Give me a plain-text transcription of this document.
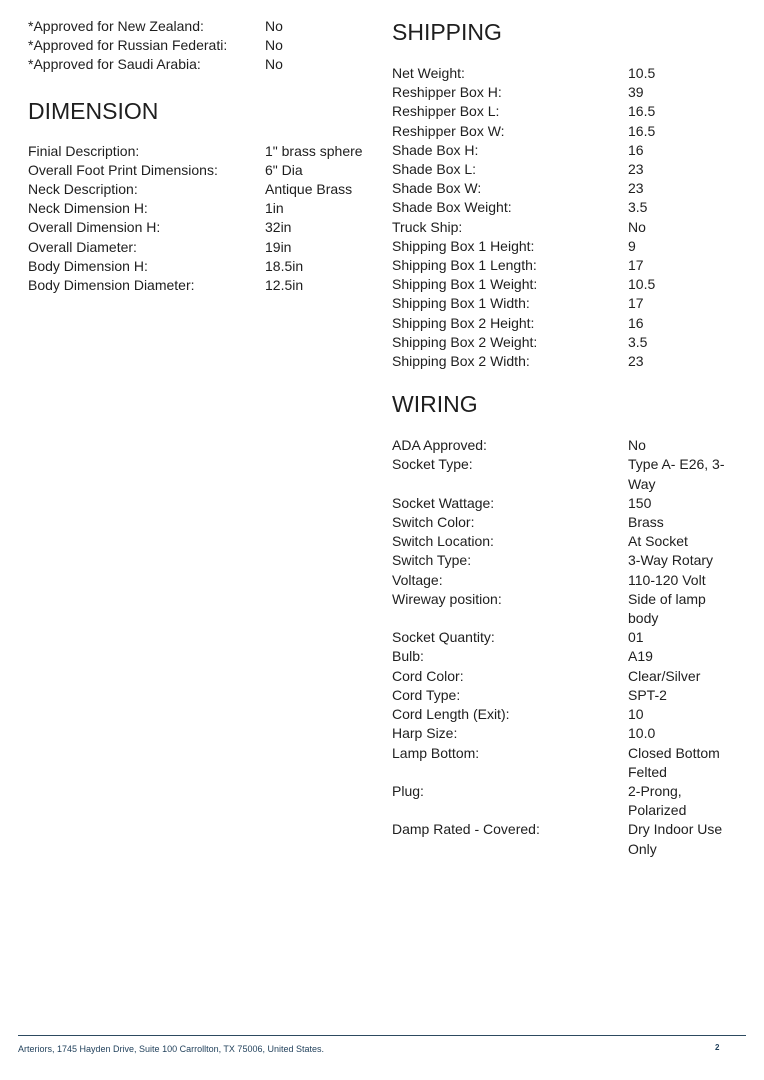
*Approved for New Zealand:	No
*Approved for Russian Federati:	No
*Approved for Saudi Arabia:	No
DIMENSION
Finial Description:	1" brass sphere
Overall Foot Print Dimensions:	6" Dia
Neck Description:	Antique Brass
Neck Dimension H:	1in
Overall Dimension H:	32in
Overall Diameter:	19in
Body Dimension H:	18.5in
Body Dimension Diameter:	12.5in
SHIPPING
Net Weight:	10.5
Reshipper Box H:	39
Reshipper Box L:	16.5
Reshipper Box W:	16.5
Shade Box H:	16
Shade Box L:	23
Shade Box W:	23
Shade Box Weight:	3.5
Truck Ship:	No
Shipping Box 1 Height:	9
Shipping Box 1 Length:	17
Shipping Box 1 Weight:	10.5
Shipping Box 1 Width:	17
Shipping Box 2 Height:	16
Shipping Box 2 Weight:	3.5
Shipping Box 2 Width:	23
WIRING
ADA Approved:	No
Socket Type:	Type A- E26, 3-Way
Socket Wattage:	150
Switch Color:	Brass
Switch Location:	At Socket
Switch Type:	3-Way Rotary
Voltage:	110-120 Volt
Wireway position:	Side of lamp body
Socket Quantity:	01
Bulb:	A19
Cord Color:	Clear/Silver
Cord Type:	SPT-2
Cord Length (Exit):	10
Harp Size:	10.0
Lamp Bottom:	Closed Bottom Felted
Plug:	2-Prong, Polarized
Damp Rated - Covered:	Dry Indoor Use Only
Arteriors, 1745 Hayden Drive, Suite 100 Carrollton, TX 75006, United States.	2
